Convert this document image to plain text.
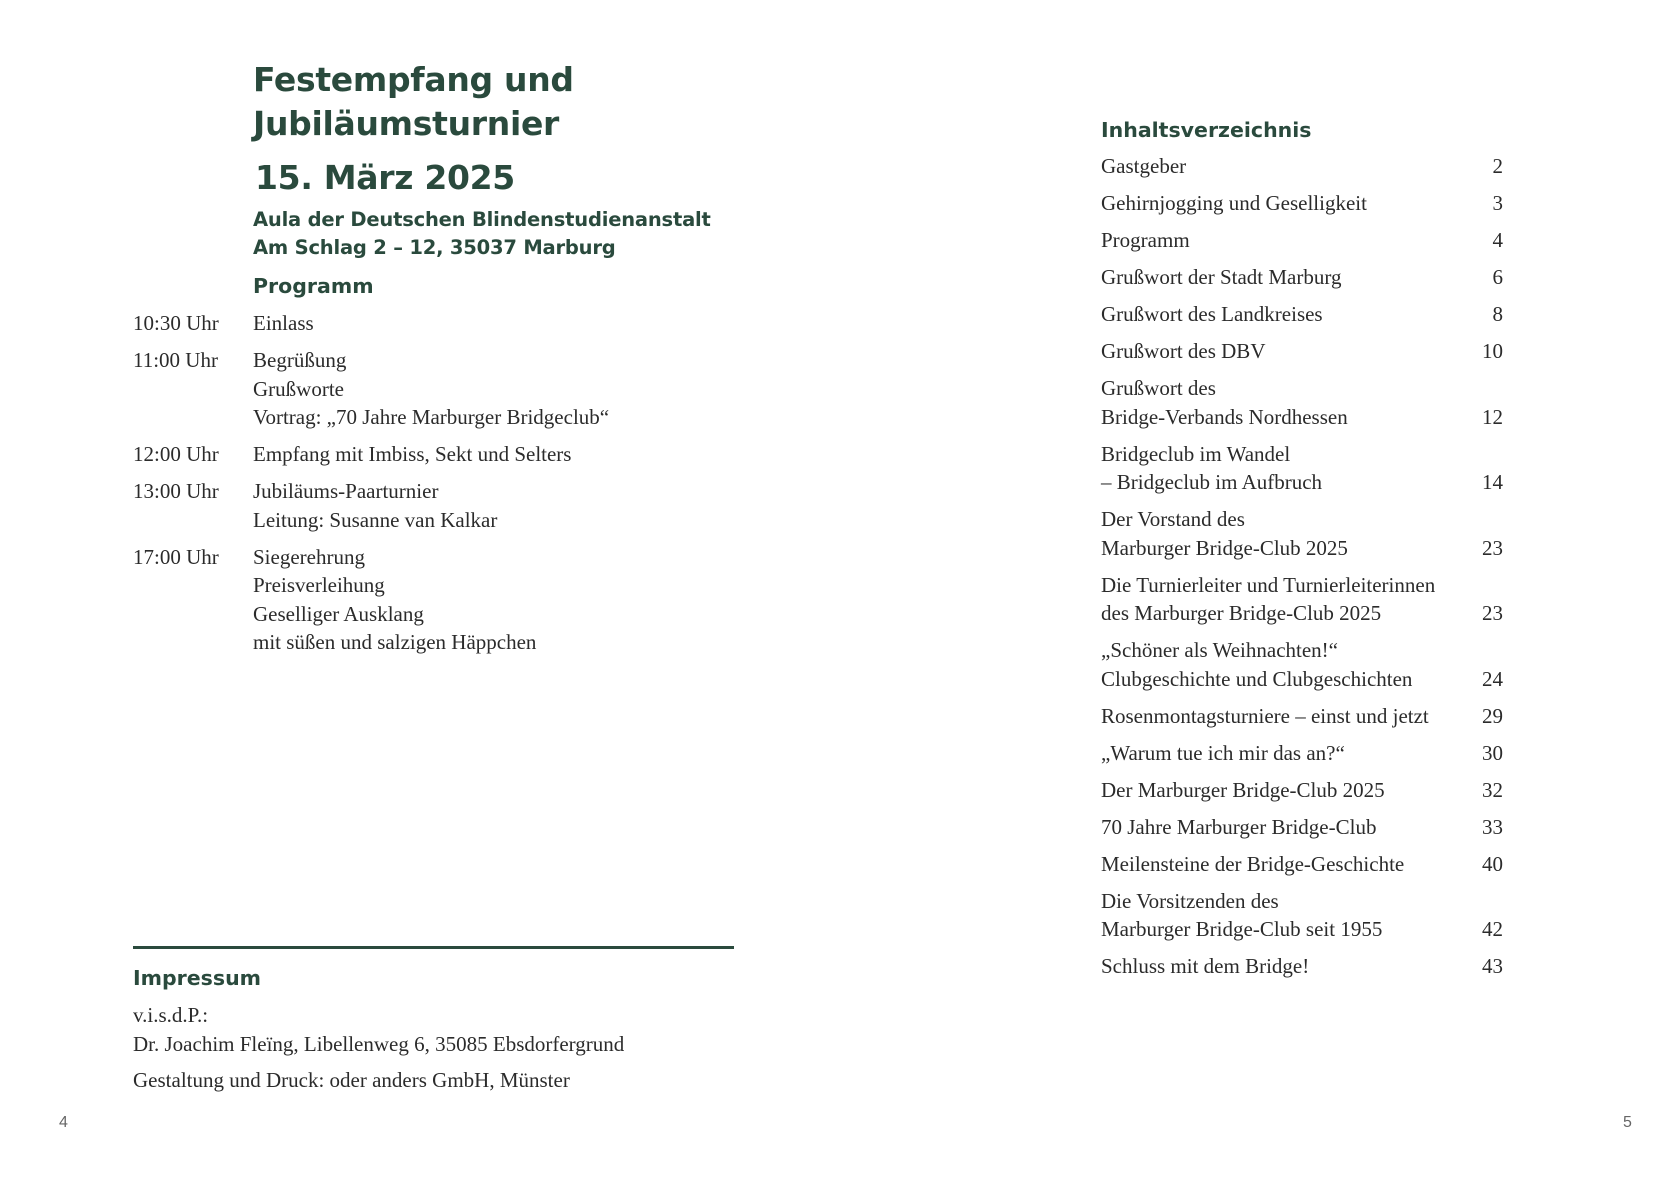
Festempfang und
Jubiläumsturnier
15. März 2025
Aula der Deutschen Blindenstudienanstalt
Am Schlag 2 – 12, 35037 Marburg
Programm
10:30 Uhr	Einlass
11:00 Uhr	Begrüßung
Grußworte
Vortrag: „70 Jahre Marburger Bridgeclub“
12:00 Uhr	Empfang mit Imbiss, Sekt und Selters
13:00 Uhr	Jubiläums-Paarturnier
Leitung: Susanne van Kalkar
17:00 Uhr	Siegerehrung
Preisverleihung
Geselliger Ausklang
mit süßen und salzigen Häppchen
Impressum
v.i.s.d.P.:
Dr. Joachim Fleïng, Libellenweg 6, 35085 Ebsdorfergrund
Gestaltung und Druck: oder anders GmbH, Münster
4
Inhaltsverzeichnis
Gastgeber	2
Gehirnjogging und Geselligkeit	3
Programm	4
Grußwort der Stadt Marburg	6
Grußwort des Landkreises	8
Grußwort des DBV	10
Grußwort des
Bridge-Verbands Nordhessen	12
Bridgeclub im Wandel
– Bridgeclub im Aufbruch	14
Der Vorstand des
Marburger Bridge-Club 2025	23
Die Turnierleiter und Turnierleiterinnen
des Marburger Bridge-Club 2025	23
„Schöner als Weihnachten!“
Clubgeschichte und Clubgeschichten	24
Rosenmontagsturniere – einst und jetzt	29
„Warum tue ich mir das an?“	30
Der Marburger Bridge-Club 2025	32
70 Jahre Marburger Bridge-Club	33
Meilensteine der Bridge-Geschichte	40
Die Vorsitzenden des
Marburger Bridge-Club seit 1955	42
Schluss mit dem Bridge!	43
5
